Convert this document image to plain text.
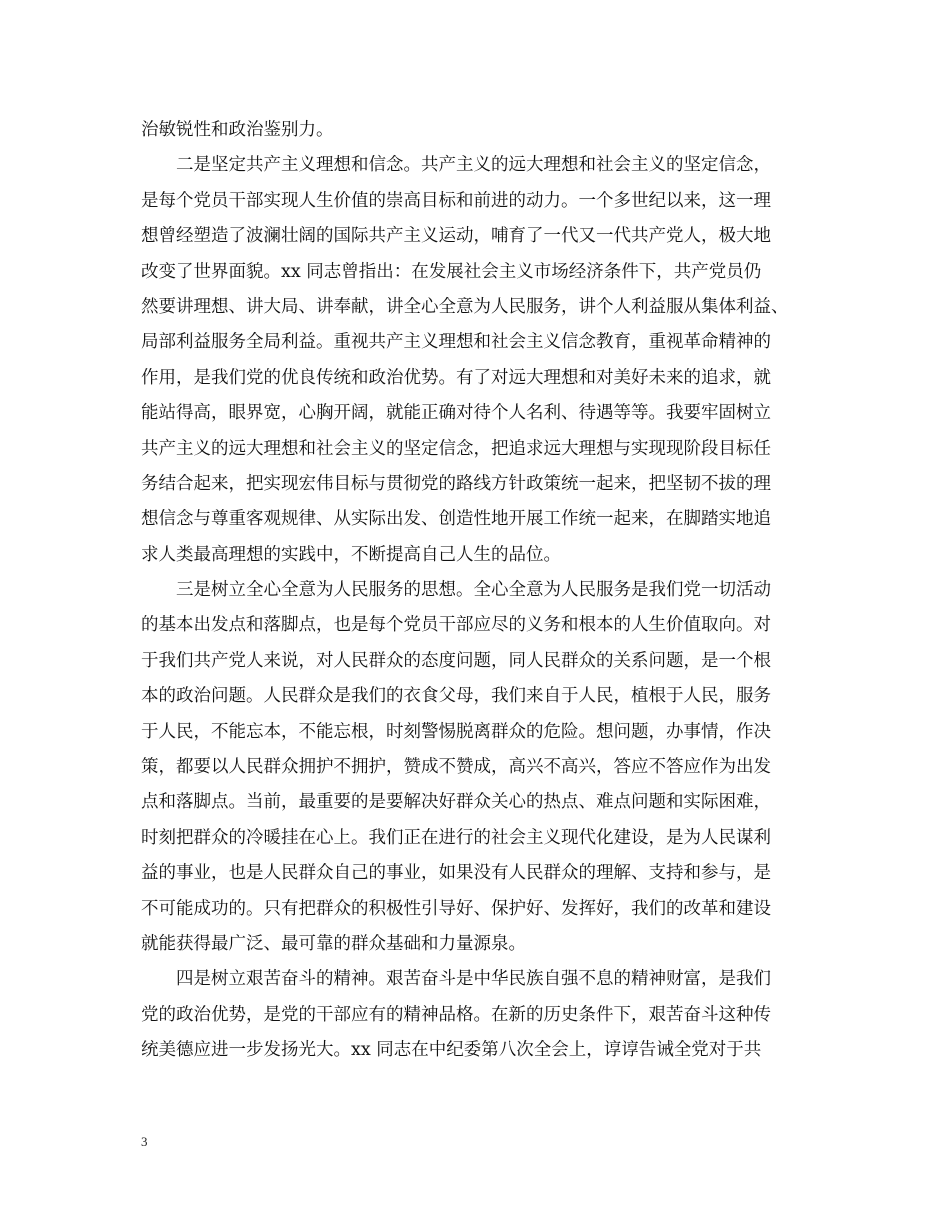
治敏锐性和政治鉴别力。
二是坚定共产主义理想和信念。共产主义的远大理想和社会主义的坚定信念，
是每个党员干部实现人生价值的崇高目标和前进的动力。一个多世纪以来，这一理
想曾经塑造了波澜壮阔的国际共产主义运动，哺育了一代又一代共产党人，极大地
改变了世界面貌。xx 同志曾指出：在发展社会主义市场经济条件下，共产党员仍
然要讲理想、讲大局、讲奉献，讲全心全意为人民服务，讲个人利益服从集体利益、
局部利益服务全局利益。重视共产主义理想和社会主义信念教育，重视革命精神的
作用，是我们党的优良传统和政治优势。有了对远大理想和对美好未来的追求，就
能站得高，眼界宽，心胸开阔，就能正确对待个人名利、待遇等等。我要牢固树立
共产主义的远大理想和社会主义的坚定信念，把追求远大理想与实现现阶段目标任
务结合起来，把实现宏伟目标与贯彻党的路线方针政策统一起来，把坚韧不拔的理
想信念与尊重客观规律、从实际出发、创造性地开展工作统一起来，在脚踏实地追
求人类最高理想的实践中，不断提高自己人生的品位。
三是树立全心全意为人民服务的思想。全心全意为人民服务是我们党一切活动
的基本出发点和落脚点，也是每个党员干部应尽的义务和根本的人生价值取向。对
于我们共产党人来说，对人民群众的态度问题，同人民群众的关系问题，是一个根
本的政治问题。人民群众是我们的衣食父母，我们来自于人民，植根于人民，服务
于人民，不能忘本，不能忘根，时刻警惕脱离群众的危险。想问题，办事情，作决
策，都要以人民群众拥护不拥护，赞成不赞成，高兴不高兴，答应不答应作为出发
点和落脚点。当前，最重要的是要解决好群众关心的热点、难点问题和实际困难，
时刻把群众的冷暖挂在心上。我们正在进行的社会主义现代化建设，是为人民谋利
益的事业，也是人民群众自己的事业，如果没有人民群众的理解、支持和参与，是
不可能成功的。只有把群众的积极性引导好、保护好、发挥好，我们的改革和建设
就能获得最广泛、最可靠的群众基础和力量源泉。
四是树立艰苦奋斗的精神。艰苦奋斗是中华民族自强不息的精神财富，是我们
党的政治优势，是党的干部应有的精神品格。在新的历史条件下，艰苦奋斗这种传
统美德应进一步发扬光大。xx 同志在中纪委第八次全会上，谆谆告诫全党对于共
3
